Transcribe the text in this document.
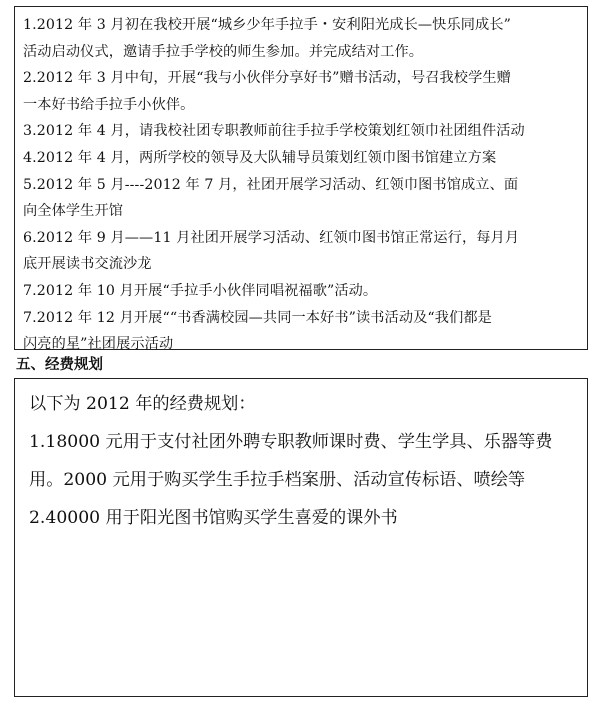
1.2012 年 3 月初在我校开展“城乡少年手拉手・安利阳光成长—快乐同成长”
活动启动仪式，邀请手拉手学校的师生参加。并完成结对工作。
2.2012 年 3 月中旬，开展“我与小伙伴分享好书”赠书活动，号召我校学生赠
一本好书给手拉手小伙伴。
3.2012 年 4 月，请我校社团专职教师前往手拉手学校策划红领巾社团组件活动
4.2012 年 4 月，两所学校的领导及大队辅导员策划红领巾图书馆建立方案
5.2012 年 5 月----2012 年 7 月，社团开展学习活动、红领巾图书馆成立、面
向全体学生开馆
6.2012 年 9 月——11 月社团开展学习活动、红领巾图书馆正常运行，每月月
底开展读书交流沙龙
7.2012 年 10 月开展“手拉手小伙伴同唱祝福歌”活动。
7.2012 年 12 月开展““书香满校园—共同一本好书”读书活动及“我们都是
闪亮的星”社团展示活动
五、经费规划
以下为 2012 年的经费规划：
1.18000 元用于支付社团外聘专职教师课时费、学生学具、乐器等费
用。2000 元用于购买学生手拉手档案册、活动宣传标语、喷绘等
2.40000 用于阳光图书馆购买学生喜爱的课外书
